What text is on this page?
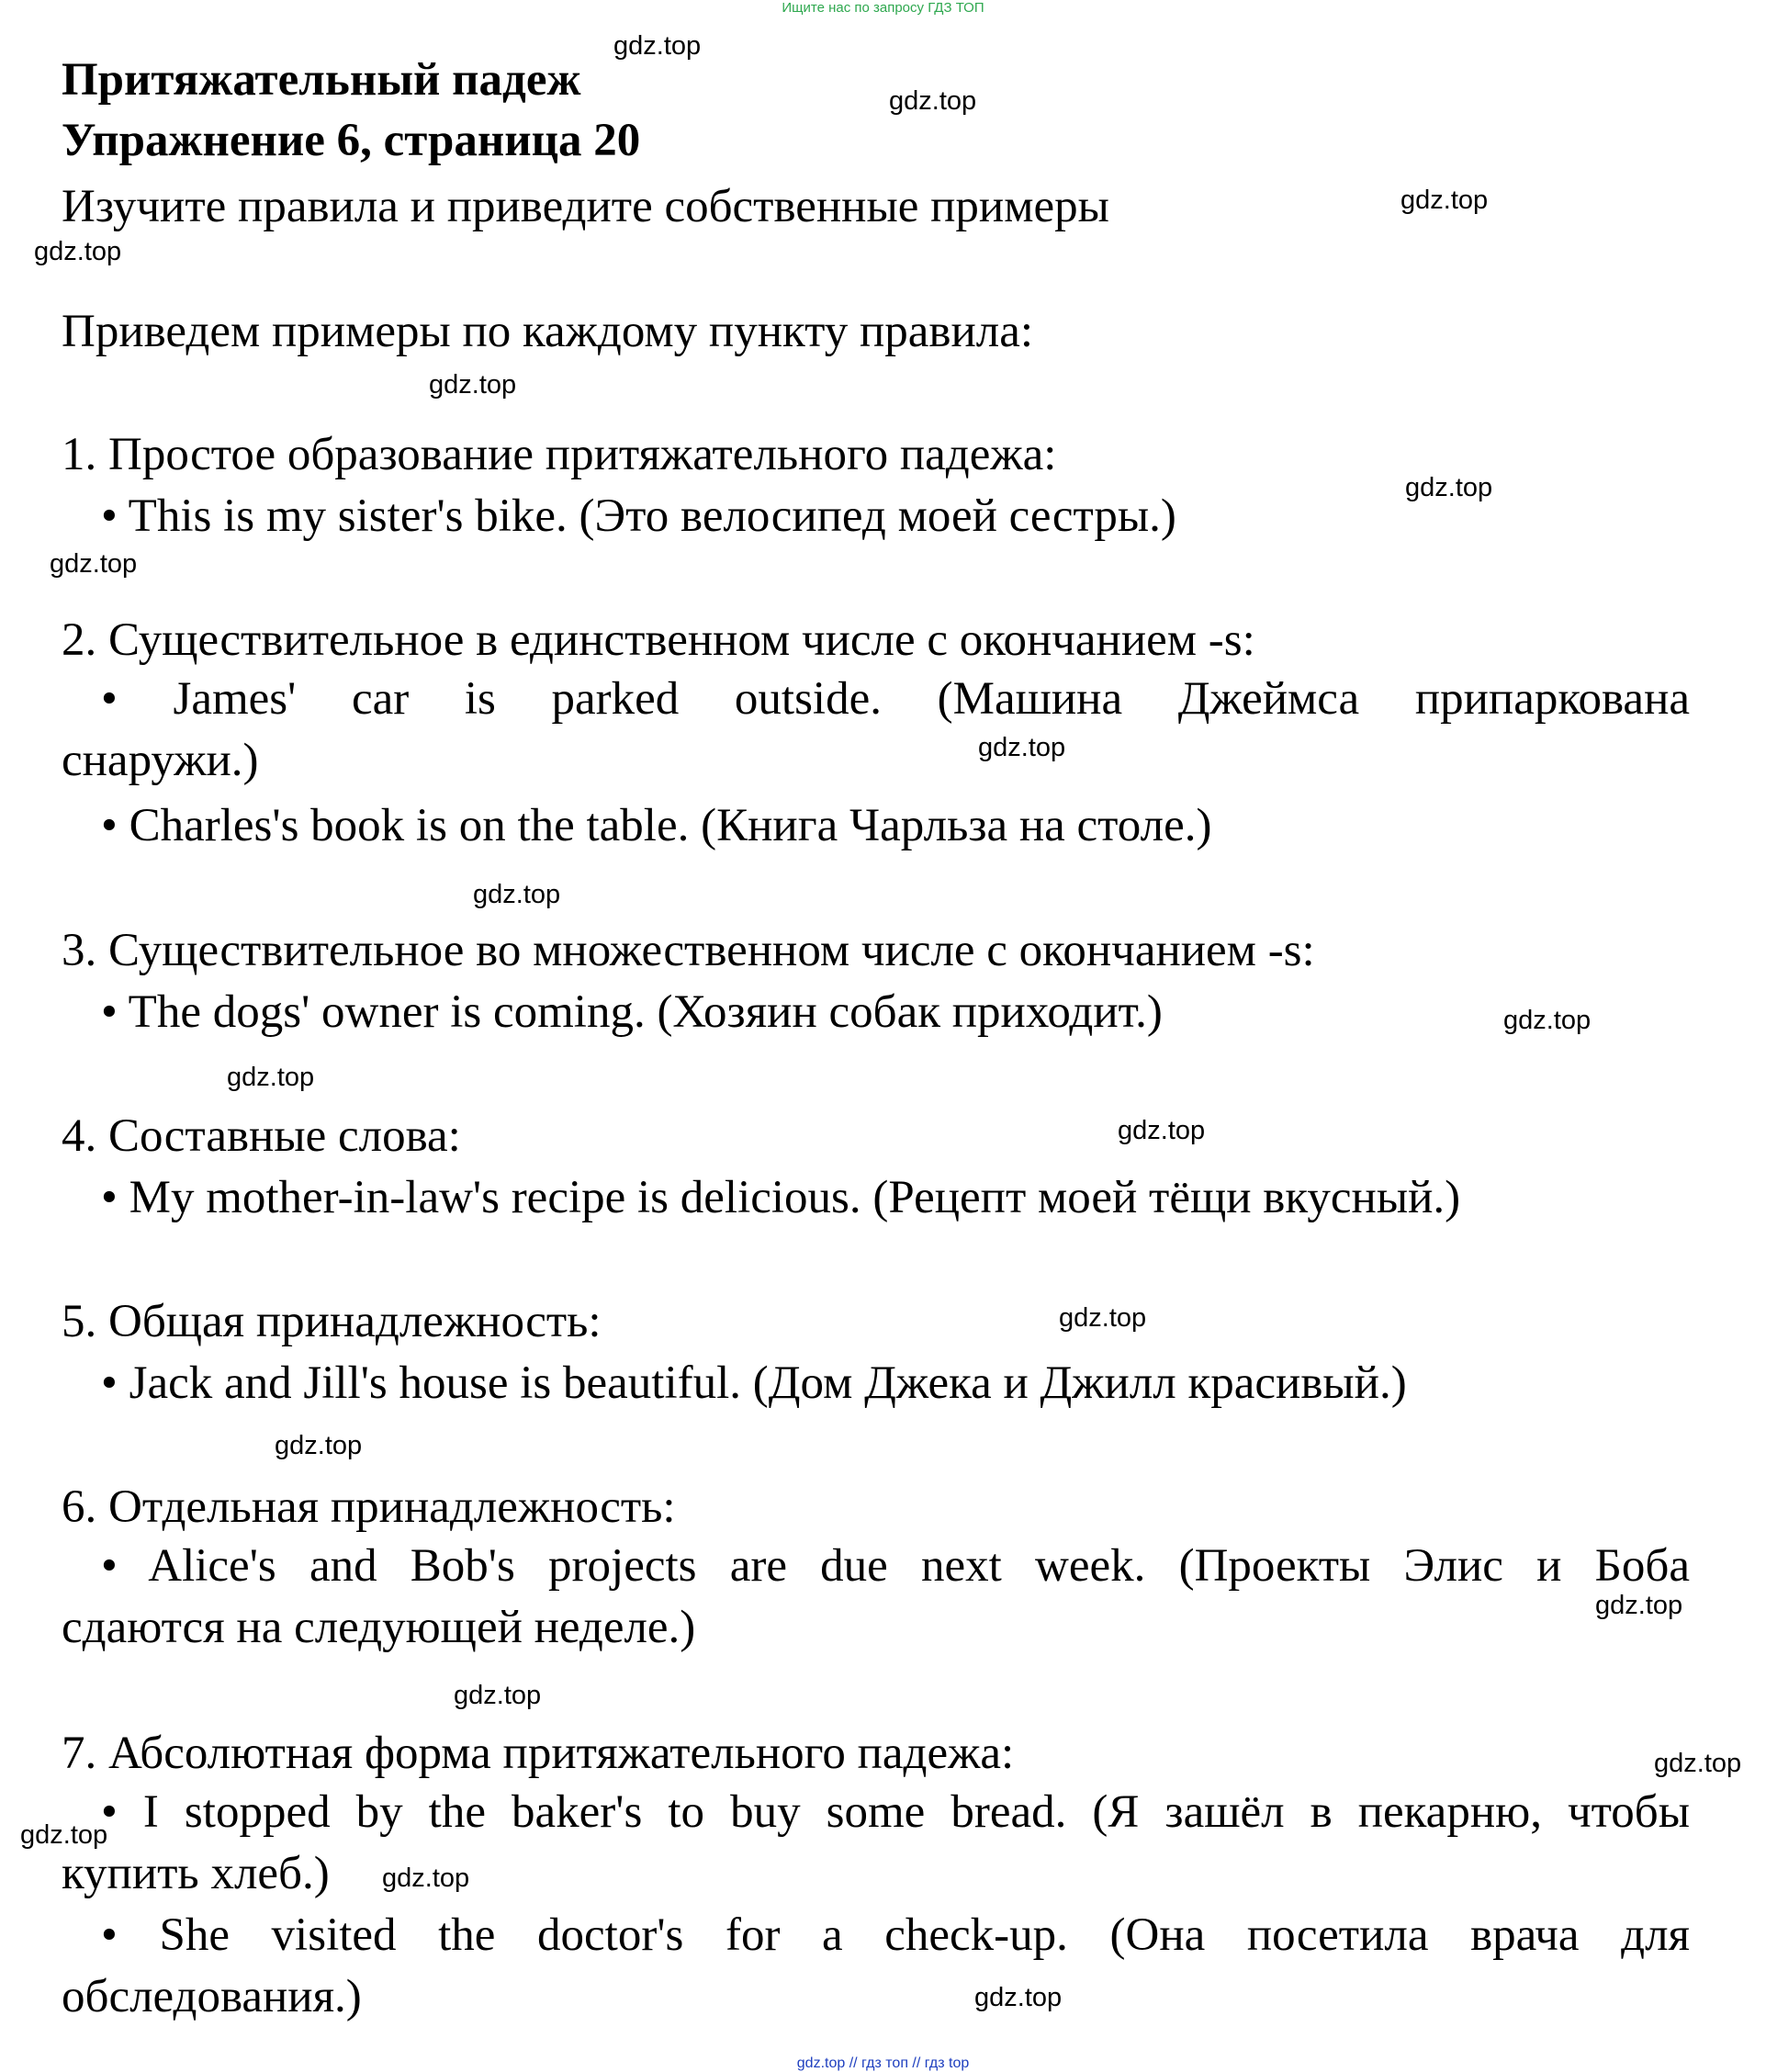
Ищите нас по запросу ГДЗ ТОП
Притяжательный падеж
Упражнение 6, страница 20
Изучите правила и приведите собственные примеры
Приведем примеры по каждому пункту правила:
1. Простое образование притяжательного падежа:
• This is my sister's bike. (Это велосипед моей сестры.)
2. Существительное в единственном числе с окончанием -s:
• James' car is parked outside. (Машина Джеймса припаркована
снаружи.)
• Charles's book is on the table. (Книга Чарльза на столе.)
3. Существительное во множественном числе с окончанием -s:
• The dogs' owner is coming. (Хозяин собак приходит.)
4. Составные слова:
• My mother-in-law's recipe is delicious. (Рецепт моей тёщи вкусный.)
5. Общая принадлежность:
• Jack and Jill's house is beautiful. (Дом Джека и Джилл красивый.)
6. Отдельная принадлежность:
• Alice's and Bob's projects are due next week. (Проекты Элис и Боба
сдаются на следующей неделе.)
7. Абсолютная форма притяжательного падежа:
• I stopped by the baker's to buy some bread. (Я зашёл в пекарню, чтобы
купить хлеб.)
• She visited the doctor's for a check-up. (Она посетила врача для
обследования.)
gdz.top
gdz.top
gdz.top
gdz.top
gdz.top
gdz.top
gdz.top
gdz.top
gdz.top
gdz.top
gdz.top
gdz.top
gdz.top
gdz.top
gdz.top
gdz.top
gdz.top
gdz.top
gdz.top
gdz.top
gdz.top // гдз топ // гдз top
